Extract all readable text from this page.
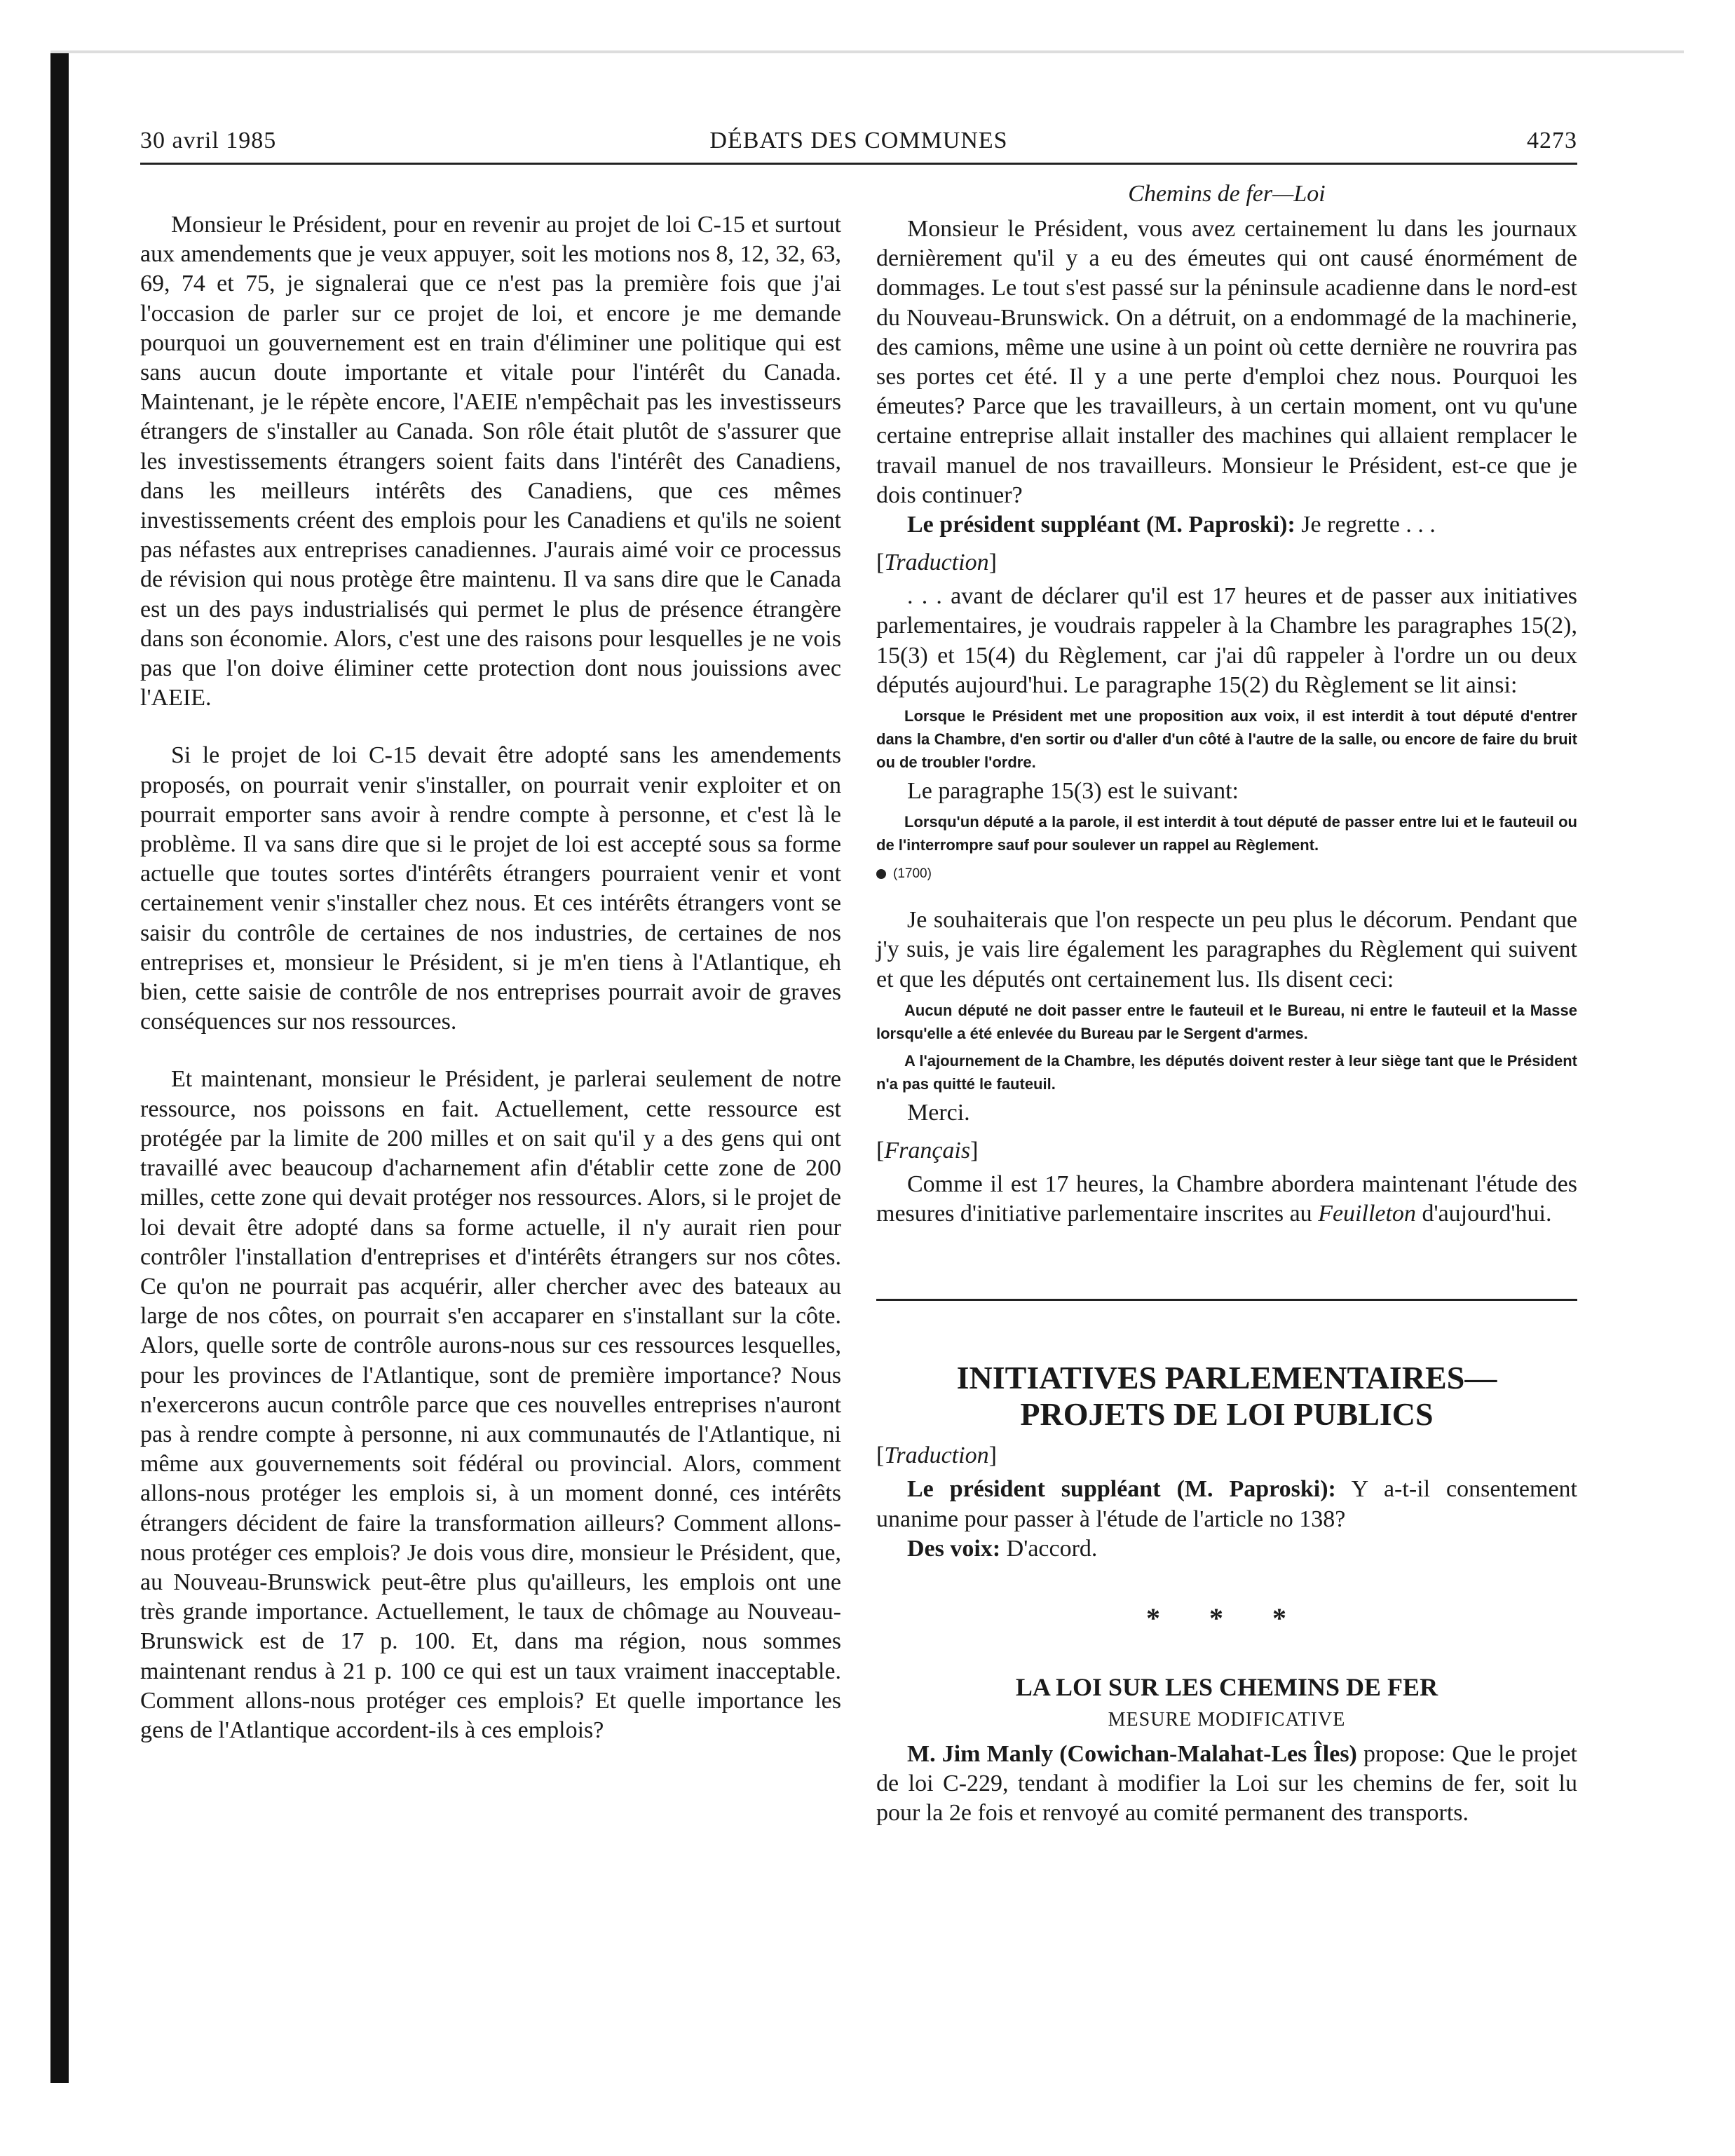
30 avril 1985	DÉBATS DES COMMUNES	4273

Monsieur le Président, pour en revenir au projet de loi C-15 et surtout aux amendements que je veux appuyer, soit les motions nos 8, 12, 32, 63, 69, 74 et 75, je signalerai que ce n'est pas la première fois que j'ai l'occasion de parler sur ce projet de loi, et encore je me demande pourquoi un gouvernement est en train d'éliminer une politique qui est sans aucun doute importante et vitale pour l'intérêt du Canada. Maintenant, je le répète encore, l'AEIE n'empêchait pas les investisseurs étrangers de s'installer au Canada. Son rôle était plutôt de s'assurer que les investissements étrangers soient faits dans l'intérêt des Canadiens, dans les meilleurs intérêts des Canadiens, que ces mêmes investissements créent des emplois pour les Canadiens et qu'ils ne soient pas néfastes aux entreprises canadiennes. J'aurais aimé voir ce processus de révision qui nous protège être maintenu. Il va sans dire que le Canada est un des pays industrialisés qui permet le plus de présence étrangère dans son économie. Alors, c'est une des raisons pour lesquelles je ne vois pas que l'on doive éliminer cette protection dont nous jouissions avec l'AEIE.

Si le projet de loi C-15 devait être adopté sans les amendements proposés, on pourrait venir s'installer, on pourrait venir exploiter et on pourrait emporter sans avoir à rendre compte à personne, et c'est là le problème. Il va sans dire que si le projet de loi est accepté sous sa forme actuelle que toutes sortes d'intérêts étrangers pourraient venir et vont certainement venir s'installer chez nous. Et ces intérêts étrangers vont se saisir du contrôle de certaines de nos industries, de certaines de nos entreprises et, monsieur le Président, si je m'en tiens à l'Atlantique, eh bien, cette saisie de contrôle de nos entreprises pourrait avoir de graves conséquences sur nos ressources.

Et maintenant, monsieur le Président, je parlerai seulement de notre ressource, nos poissons en fait. Actuellement, cette ressource est protégée par la limite de 200 milles et on sait qu'il y a des gens qui ont travaillé avec beaucoup d'acharnement afin d'établir cette zone de 200 milles, cette zone qui devait protéger nos ressources. Alors, si le projet de loi devait être adopté dans sa forme actuelle, il n'y aurait rien pour contrôler l'installation d'entreprises et d'intérêts étrangers sur nos côtes. Ce qu'on ne pourrait pas acquérir, aller chercher avec des bateaux au large de nos côtes, on pourrait s'en accaparer en s'installant sur la côte. Alors, quelle sorte de contrôle aurons-nous sur ces ressources lesquelles, pour les provinces de l'Atlantique, sont de première importance? Nous n'exercerons aucun contrôle parce que ces nouvelles entreprises n'auront pas à rendre compte à personne, ni aux communautés de l'Atlantique, ni même aux gouvernements soit fédéral ou provincial. Alors, comment allons-nous protéger les emplois si, à un moment donné, ces intérêts étrangers décident de faire la transformation ailleurs? Comment allons-nous protéger ces emplois? Je dois vous dire, monsieur le Président, que, au Nouveau-Brunswick peut-être plus qu'ailleurs, les emplois ont une très grande importance. Actuellement, le taux de chômage au Nouveau-Brunswick est de 17 p. 100. Et, dans ma région, nous sommes maintenant rendus à 21 p. 100 ce qui est un taux vraiment inacceptable. Comment allons-nous protéger ces emplois? Et quelle importance les gens de l'Atlantique accordent-ils à ces emplois?

Chemins de fer—Loi

Monsieur le Président, vous avez certainement lu dans les journaux dernièrement qu'il y a eu des émeutes qui ont causé énormément de dommages. Le tout s'est passé sur la péninsule acadienne dans le nord-est du Nouveau-Brunswick. On a détruit, on a endommagé de la machinerie, des camions, même une usine à un point où cette dernière ne rouvrira pas ses portes cet été. Il y a une perte d'emploi chez nous. Pourquoi les émeutes? Parce que les travailleurs, à un certain moment, ont vu qu'une certaine entreprise allait installer des machines qui allaient remplacer le travail manuel de nos travailleurs. Monsieur le Président, est-ce que je dois continuer?

Le président suppléant (M. Paproski): Je regrette . . .

[Traduction]

. . . avant de déclarer qu'il est 17 heures et de passer aux initiatives parlementaires, je voudrais rappeler à la Chambre les paragraphes 15(2), 15(3) et 15(4) du Règlement, car j'ai dû rappeler à l'ordre un ou deux députés aujourd'hui. Le paragraphe 15(2) du Règlement se lit ainsi:

Lorsque le Président met une proposition aux voix, il est interdit à tout député d'entrer dans la Chambre, d'en sortir ou d'aller d'un côté à l'autre de la salle, ou encore de faire du bruit ou de troubler l'ordre.

Le paragraphe 15(3) est le suivant:

Lorsqu'un député a la parole, il est interdit à tout député de passer entre lui et le fauteuil ou de l'interrompre sauf pour soulever un rappel au Règlement.
(1700)

Je souhaiterais que l'on respecte un peu plus le décorum. Pendant que j'y suis, je vais lire également les paragraphes du Règlement qui suivent et que les députés ont certainement lus. Ils disent ceci:

Aucun député ne doit passer entre le fauteuil et le Bureau, ni entre le fauteuil et la Masse lorsqu'elle a été enlevée du Bureau par le Sergent d'armes.
A l'ajournement de la Chambre, les députés doivent rester à leur siège tant que le Président n'a pas quitté le fauteuil.

Merci.

[Français]

Comme il est 17 heures, la Chambre abordera maintenant l'étude des mesures d'initiative parlementaire inscrites au Feuilleton d'aujourd'hui.

INITIATIVES PARLEMENTAIRES—
PROJETS DE LOI PUBLICS
[Traduction]

Le président suppléant (M. Paproski): Y a-t-il consentement unanime pour passer à l'étude de l'article no 138?

Des voix: D'accord.

* * *
LA LOI SUR LES CHEMINS DE FER
MESURE MODIFICATIVE

M. Jim Manly (Cowichan-Malahat-Les Îles) propose: Que le projet de loi C-229, tendant à modifier la Loi sur les chemins de fer, soit lu pour la 2e fois et renvoyé au comité permanent des transports.
